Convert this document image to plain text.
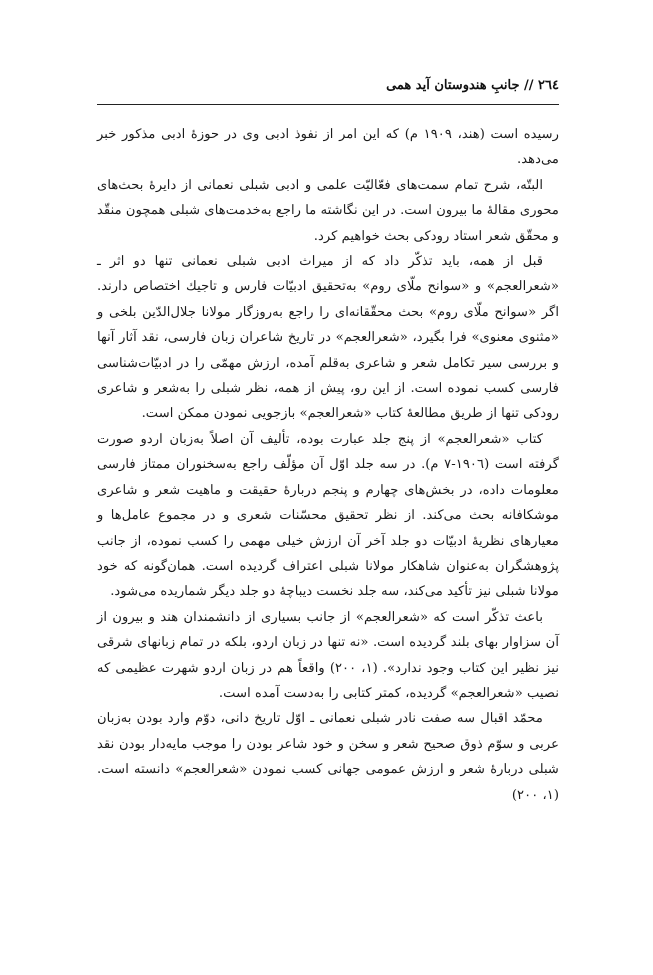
٢٦٤ // جانبِ هندوستان آيد همى

رسيده است (هند، ١٩٠٩ م) كه اين امر از نفوذ ادبى وى در حوزۀ ادبى مذكور خبر مى‌دهد.

البتّه، شرح تمام سمت‌هاى فعّاليّت علمى و ادبى شبلى نعمانى از دايرۀ بحث‌هاى محورى مقالۀ ما بيرون است. در اين نگاشته ما راجع به‌خدمت‌هاى شبلى همچون منقّد و محقّق شعر استاد رودكى بحث خواهيم كرد.

قبل از همه، بايد تذكّر داد كه از ميراث ادبى شبلى نعمانى تنها دو اثر ـ «شعرالعجم» و «سوانح ملّاى روم» به‌تحقيق ادبيّات فارس و تاجيك اختصاص دارند. اگر «سوانح ملّاى روم» بحث محقّقانه‌اى را راجع به‌روزگار مولانا جلال‌الدّين بلخى و «مثنوى معنوى» فرا بگيرد، «شعرالعجم» در تاريخ شاعران زبان فارسى، نقد آثار آنها و بررسى سير تكامل شعر و شاعرى به‌قلم آمده، ارزش مهمّى را در ادبيّات‌شناسى فارسى كسب نموده است. از اين رو، پيش از همه، نظر شبلى را به‌شعر و شاعرى رودكى تنها از طريق مطالعۀ كتاب «شعرالعجم» بازجويى نمودن ممكن است.

كتاب «شعرالعجم» از پنج جلد عبارت بوده، تأليف آن اصلاً به‌زبان اردو صورت گرفته است (١٩٠٦-٧ م). در سه جلد اوّل آن مؤلّف راجع به‌سخنوران ممتاز فارسى معلومات داده، در بخش‌هاى چهارم و پنجم دربارۀ حقيقت و ماهيت شعر و شاعرى موشكافانه بحث مى‌كند. از نظر تحقيق محسّنات شعرى و در مجموع عامل‌ها و معيارهاى نظريۀ ادبيّات دو جلد آخر آن ارزش خيلى مهمى را كسب نموده، از جانب پژوهشگران به‌عنوان شاهكار مولانا شبلى اعتراف گرديده است. همان‌گونه كه خود مولانا شبلى نيز تأكيد مى‌كند، سه جلد نخست ديباچۀ دو جلد ديگر شماريده مى‌شود.

باعث تذكّر است كه «شعرالعجم» از جانب بسيارى از دانشمندان هند و بيرون از آن سزاوار بهاى بلند گرديده است. «نه تنها در زبان اردو، بلكه در تمام زبانهاى شرقى نيز نظير اين كتاب وجود ندارد». (١، ٢٠٠) واقعاً هم در زبان اردو شهرت عظيمى كه نصيب «شعرالعجم» گرديده، كمتر كتابى را به‌دست آمده است.

محمّد اقبال سه صفت نادر شبلى نعمانى ـ اوّل تاريخ دانى، دوّم وارد بودن به‌زبان عربى و سوّم ذوق صحيح شعر و سخن و خود شاعر بودن را موجب مايه‌دار بودن نقد شبلى دربارۀ شعر و ارزش عمومى جهانى كسب نمودن «شعرالعجم» دانسته است. (١، ٢٠٠)
